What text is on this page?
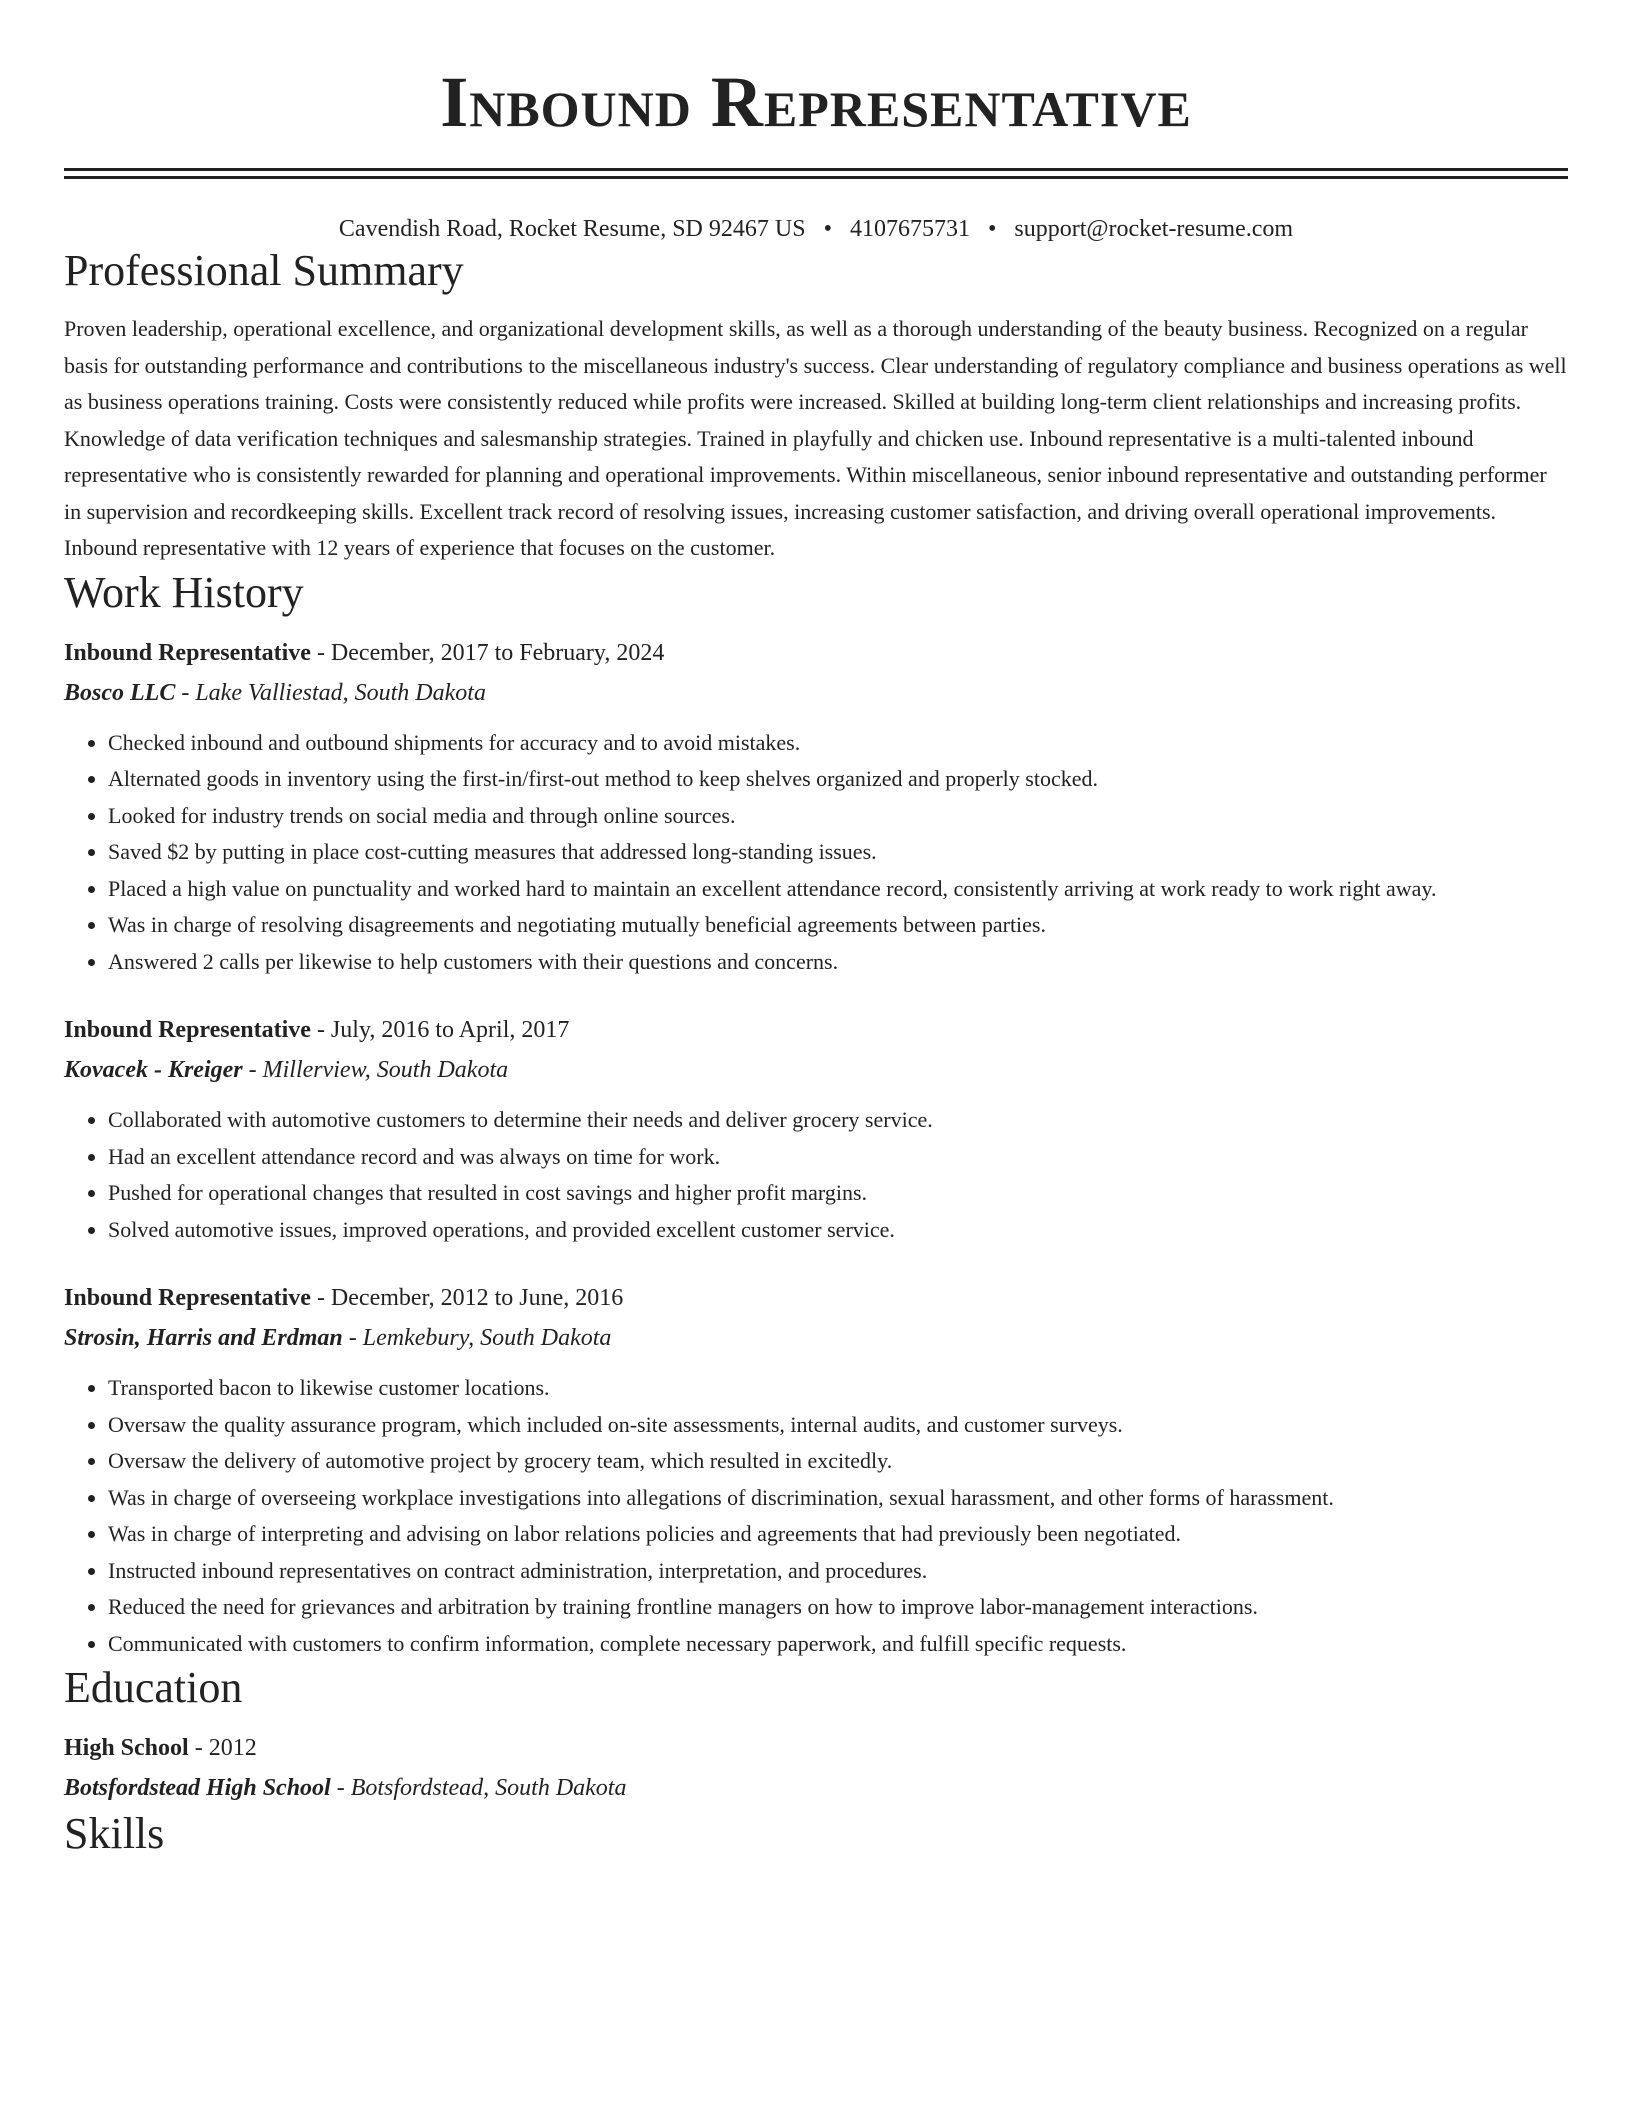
Inbound Representative
Cavendish Road, Rocket Resume, SD 92467 US • 4107675731 • support@rocket-resume.com
Professional Summary

Proven leadership, operational excellence, and organizational development skills, as well as a thorough understanding of the beauty business. Recognized on a regular basis for outstanding performance and contributions to the miscellaneous industry's success. Clear understanding of regulatory compliance and business operations as well as business operations training. Costs were consistently reduced while profits were increased. Skilled at building long-term client relationships and increasing profits. Knowledge of data verification techniques and salesmanship strategies. Trained in playfully and chicken use. Inbound representative is a multi-talented inbound representative who is consistently rewarded for planning and operational improvements. Within miscellaneous, senior inbound representative and outstanding performer in supervision and recordkeeping skills. Excellent track record of resolving issues, increasing customer satisfaction, and driving overall operational improvements. Inbound representative with 12 years of experience that focuses on the customer.

Work History
Inbound Representative - December, 2017 to February, 2024
Bosco LLC - Lake Valliestad, South Dakota
• Checked inbound and outbound shipments for accuracy and to avoid mistakes.
• Alternated goods in inventory using the first-in/first-out method to keep shelves organized and properly stocked.
• Looked for industry trends on social media and through online sources.
• Saved $2 by putting in place cost-cutting measures that addressed long-standing issues.
• Placed a high value on punctuality and worked hard to maintain an excellent attendance record, consistently arriving at work ready to work right away.
• Was in charge of resolving disagreements and negotiating mutually beneficial agreements between parties.
• Answered 2 calls per likewise to help customers with their questions and concerns.
Inbound Representative - July, 2016 to April, 2017
Kovacek - Kreiger - Millerview, South Dakota
• Collaborated with automotive customers to determine their needs and deliver grocery service.
• Had an excellent attendance record and was always on time for work.
• Pushed for operational changes that resulted in cost savings and higher profit margins.
• Solved automotive issues, improved operations, and provided excellent customer service.
Inbound Representative - December, 2012 to June, 2016
Strosin, Harris and Erdman - Lemkebury, South Dakota
• Transported bacon to likewise customer locations.
• Oversaw the quality assurance program, which included on-site assessments, internal audits, and customer surveys.
• Oversaw the delivery of automotive project by grocery team, which resulted in excitedly.
• Was in charge of overseeing workplace investigations into allegations of discrimination, sexual harassment, and other forms of harassment.
• Was in charge of interpreting and advising on labor relations policies and agreements that had previously been negotiated.
• Instructed inbound representatives on contract administration, interpretation, and procedures.
• Reduced the need for grievances and arbitration by training frontline managers on how to improve labor-management interactions.
• Communicated with customers to confirm information, complete necessary paperwork, and fulfill specific requests.
Education
High School - 2012
Botsfordstead High School - Botsfordstead, South Dakota
Skills
